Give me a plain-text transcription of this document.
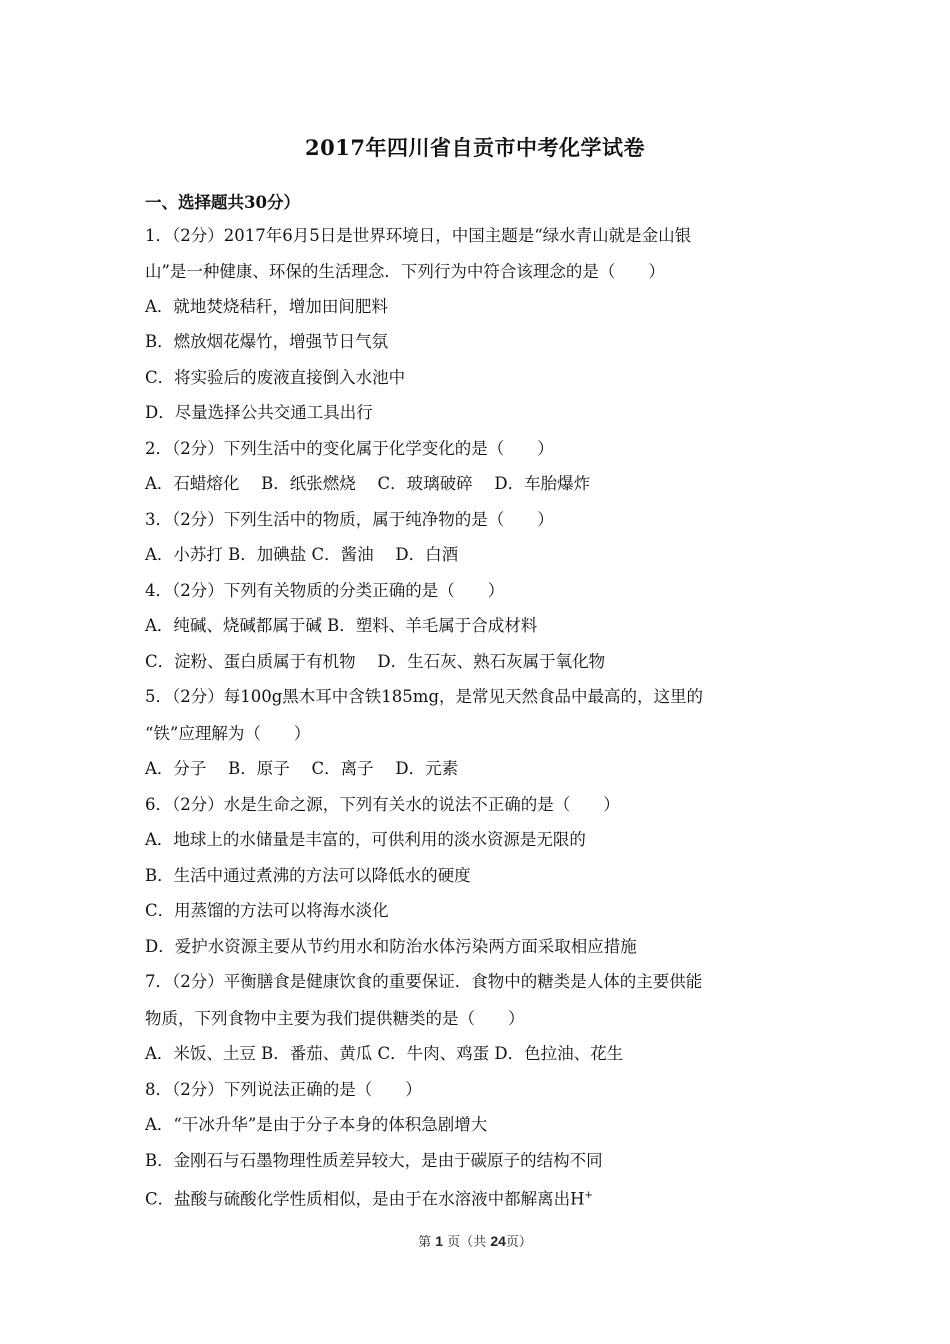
2017年四川省自贡市中考化学试卷
一、选择题共30分）
1．（2分）2017年6月5日是世界环境日，中国主题是“绿水青山就是金山银
山”是一种健康、环保的生活理念．下列行为中符合该理念的是（　　）
A．就地焚烧秸秆，增加田间肥料
B．燃放烟花爆竹，增强节日气氛
C．将实验后的废液直接倒入水池中
D．尽量选择公共交通工具出行
2．（2分）下列生活中的变化属于化学变化的是（　　）
A．石蜡熔化　 B．纸张燃烧　 C．玻璃破碎　 D．车胎爆炸
3．（2分）下列生活中的物质，属于纯净物的是（　　）
A．小苏打 B．加碘盐 C．酱油　 D．白酒
4．（2分）下列有关物质的分类正确的是（　　）
A．纯碱、烧碱都属于碱 B．塑料、羊毛属于合成材料
C．淀粉、蛋白质属于有机物　 D．生石灰、熟石灰属于氧化物
5．（2分）每100g黑木耳中含铁185mg，是常见天然食品中最高的，这里的
“铁”应理解为（　　）
A．分子　 B．原子　 C．离子　 D．元素
6．（2分）水是生命之源，下列有关水的说法不正确的是（　　）
A．地球上的水储量是丰富的，可供利用的淡水资源是无限的
B．生活中通过煮沸的方法可以降低水的硬度
C．用蒸馏的方法可以将海水淡化
D．爱护水资源主要从节约用水和防治水体污染两方面采取相应措施
7．（2分）平衡膳食是健康饮食的重要保证．食物中的糖类是人体的主要供能
物质，下列食物中主要为我们提供糖类的是（　　）
A．米饭、土豆 B．番茄、黄瓜 C．牛肉、鸡蛋 D．色拉油、花生
8．（2分）下列说法正确的是（　　）
A．“干冰升华”是由于分子本身的体积急剧增大
B．金刚石与石墨物理性质差异较大，是由于碳原子的结构不同
C．盐酸与硫酸化学性质相似，是由于在水溶液中都解离出H+
第 1 页（共 24页）
